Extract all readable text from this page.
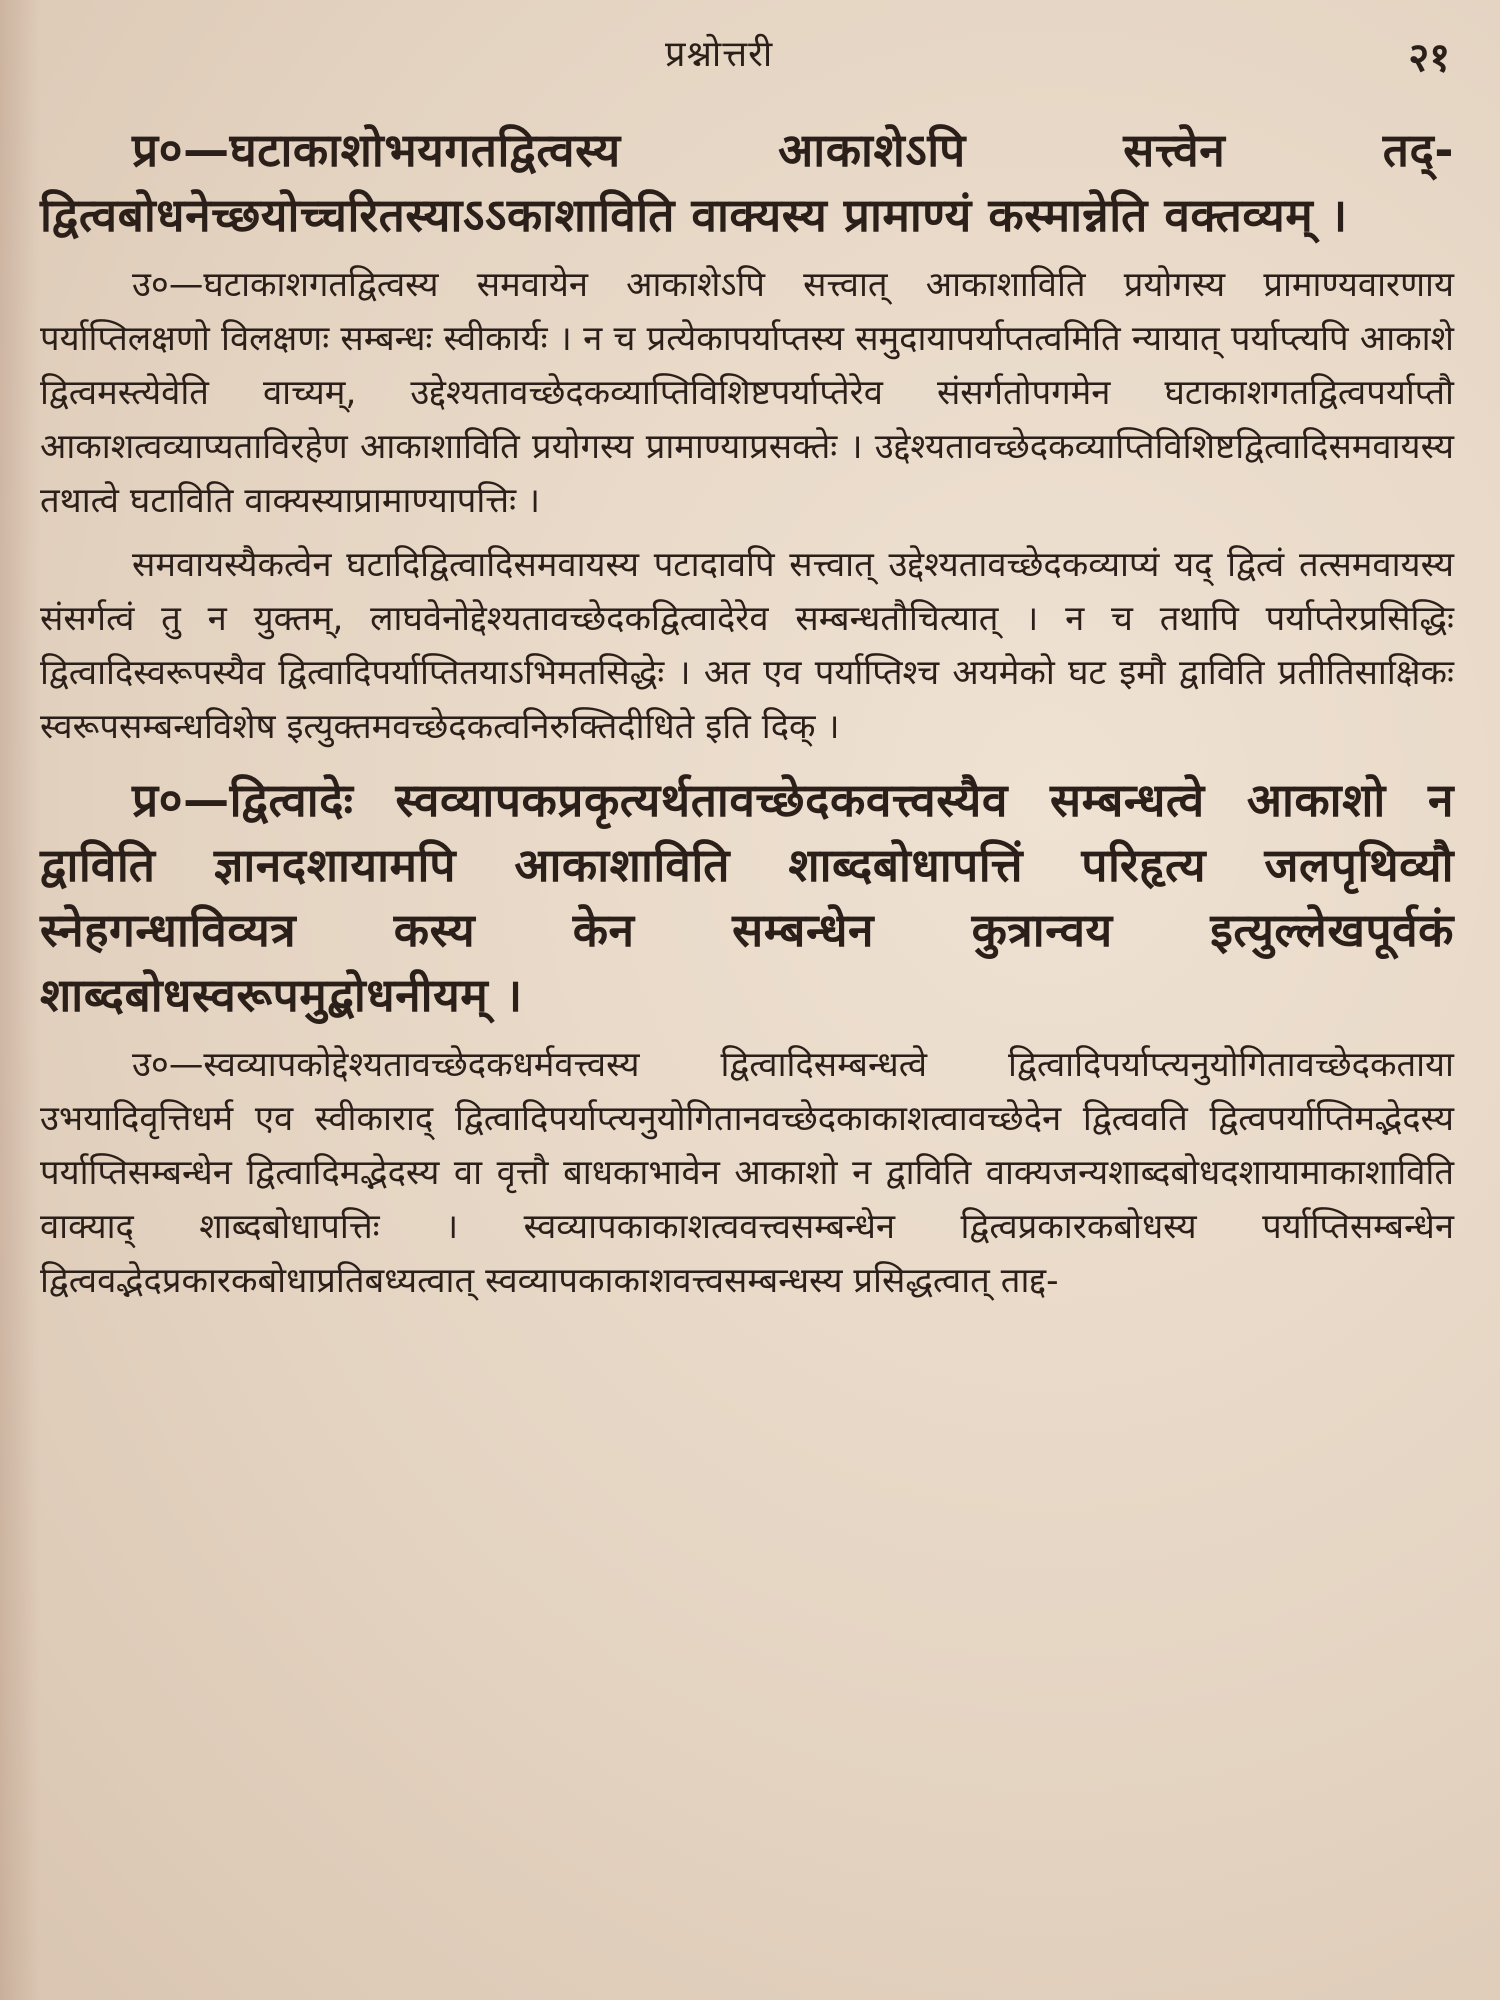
प्रश्नोत्तरी	२१

प्र०—घटाकाशोभयगतद्वित्वस्य आकाशेऽपि सत्त्वेन तद्-द्वित्वबोधनेच्छयोच्चरितस्याऽऽकाशाविति वाक्यस्य प्रामाण्यं कस्मान्नेति वक्तव्यम् ।

उ०—घटाकाशगतद्वित्वस्य समवायेन आकाशेऽपि सत्त्वात् आकाशाविति प्रयोगस्य प्रामाण्यवारणाय पर्याप्तिलक्षणो विलक्षणः सम्बन्धः स्वीकार्यः । न च प्रत्येकापर्याप्तस्य समुदायापर्याप्तत्वमिति न्यायात् पर्याप्त्यपि आकाशे द्वित्वमस्त्येवेति वाच्यम्, उद्देश्यतावच्छेदकव्याप्तिविशिष्टपर्याप्तेरेव संसर्गतोपगमेन घटाकाशगतद्वित्वपर्याप्तौ आकाशत्वव्याप्यताविरहेण आकाशाविति प्रयोगस्य प्रामाण्याप्रसक्तेः । उद्देश्यतावच्छेदकव्याप्तिविशिष्टद्वित्वादिसमवायस्य तथात्वे घटाविति वाक्यस्याप्रामाण्यापत्तिः ।

समवायस्यैकत्वेन घटादिद्वित्वादिसमवायस्य पटादावपि सत्त्वात् उद्देश्यतावच्छेदकव्याप्यं यद् द्वित्वं तत्समवायस्य संसर्गत्वं तु न युक्तम्, लाघवेनोद्देश्यतावच्छेदकद्वित्वादेरेव सम्बन्धतौचित्यात् । न च तथापि पर्याप्तेरप्रसिद्धिः द्वित्वादिस्वरूपस्यैव द्वित्वादिपर्याप्तितयाऽभिमतसिद्धेः । अत एव पर्याप्तिश्च अयमेको घट इमौ द्वाविति प्रतीतिसाक्षिकः स्वरूपसम्बन्धविशेष इत्युक्तमवच्छेदकत्वनिरुक्तिदीधिते इति दिक् ।

प्र०—द्वित्वादेः स्वव्यापकप्रकृत्यर्थतावच्छेदकवत्त्वस्यैव सम्बन्धत्वे आकाशो न द्वाविति ज्ञानदशायामपि आकाशाविति शाब्दबोधापत्तिं परिहृत्य जलपृथिव्यौ स्नेहगन्धाविव्यत्र कस्य केन सम्बन्धेन कुत्रान्वय इत्युल्लेखपूर्वकं शाब्दबोधस्वरूपमुद्बोधनीयम् ।

उ०—स्वव्यापकोद्देश्यतावच्छेदकधर्मवत्त्वस्य द्वित्वादिसम्बन्धत्वे द्वित्वादिपर्याप्त्यनुयोगितावच्छेदकताया उभयादिवृत्तिधर्म एव स्वीकाराद् द्वित्वादिपर्याप्त्यनुयोगितानवच्छेदकाकाशत्वावच्छेदेन द्वित्ववति द्वित्वपर्याप्तिमद्भेदस्य पर्याप्तिसम्बन्धेन द्वित्वादिमद्भेदस्य वा वृत्तौ बाधकाभावेन आकाशो न द्वाविति वाक्यजन्यशाब्दबोधदशायामाकाशाविति वाक्याद् शाब्दबोधापत्तिः । स्वव्यापकाकाशत्ववत्त्वसम्बन्धेन द्वित्वप्रकारकबोधस्य पर्याप्तिसम्बन्धेन द्वित्ववद्भेदप्रकारकबोधाप्रतिबध्यत्वात् स्वव्यापकाकाशवत्त्वसम्बन्धस्य प्रसिद्धत्वात् ताद्द-
